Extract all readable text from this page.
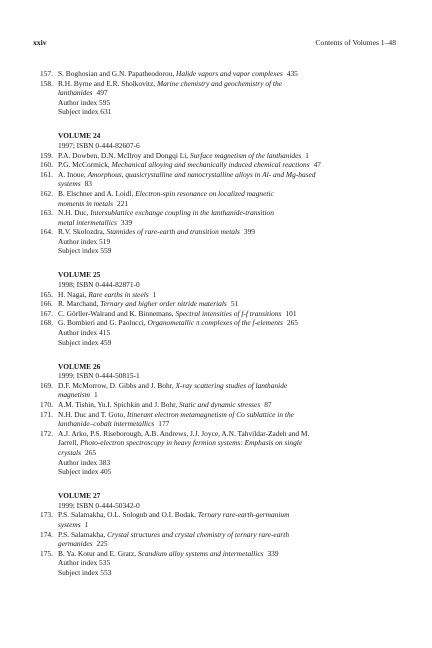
xxiv	Contents of Volumes 1–48
157. S. Boghosian and G.N. Papatheodorou, Halide vapors and vapor complexes 435
158. R.H. Byrne and E.R. Sholkovitz, Marine chemistry and geochemistry of the
lanthanides 497
Author index 595
Subject index 631
VOLUME 24
1997; ISBN 0-444-82607-6
159. P.A. Dowben, D.N. McIlroy and Dongqi Li, Surface magnetism of the lanthanides 1
160. P.G. McCormick, Mechanical alloying and mechanically induced chemical reactions 47
161. A. Inoue, Amorphous, quasicrystalline and nanocrystalline alloys in Al- and Mg-based
systems 83
162. B. Elschner and A. Loidl, Electron-spin resonance on localized magnetic
moments in metals 221
163. N.H. Duc, Intersublattice exchange coupling in the lanthanide-transition
metal intermetallics 339
164. R.V. Skolozdra, Stannides of rare-earth and transition metals 399
Author index 519
Subject index 559
VOLUME 25
1998; ISBN 0-444-82871-0
165. H. Nagai, Rare earths in steels 1
166. R. Marchand, Ternary and higher order nitride materials 51
167. C. Görller-Walrand and K. Binnemans, Spectral intensities of f-f transitions 101
168. G. Bombieri and G. Paolucci, Organometallic π complexes of the f-elements 265
Author index 415
Subject index 459
VOLUME 26
1999; ISBN 0-444-50815-1
169. D.F. McMorrow, D. Gibbs and J. Bohr, X-ray scattering studies of lanthanide
magnetism 1
170. A.M. Tishin, Yu.I. Spichkin and J. Bohr, Static and dynamic stresses 87
171. N.H. Duc and T. Goto, Itinerant electron metamagnetism of Co sublattice in the
lanthanide–cobalt intermetallics 177
172. A.J. Arko, P.S. Riseborough, A.B. Andrews, J.J. Joyce, A.N. Tahvildar-Zadeh and M.
Jarrell, Photo-electron spectroscopy in heavy fermion systems: Emphasis on single
crystals 265
Author index 383
Subject index 405
VOLUME 27
1999; ISBN 0-444-50342-0
173. P.S. Salamakha, O.L. Sologub and O.I. Bodak, Ternary rare-earth-germanium
systems 1
174. P.S. Salamakha, Crystal structures and crystal chemistry of ternary rare-earth
germanides 225
175. B. Ya. Kotur and E. Gratz, Scandium alloy systems and intermetallics 339
Author index 535
Subject index 553
